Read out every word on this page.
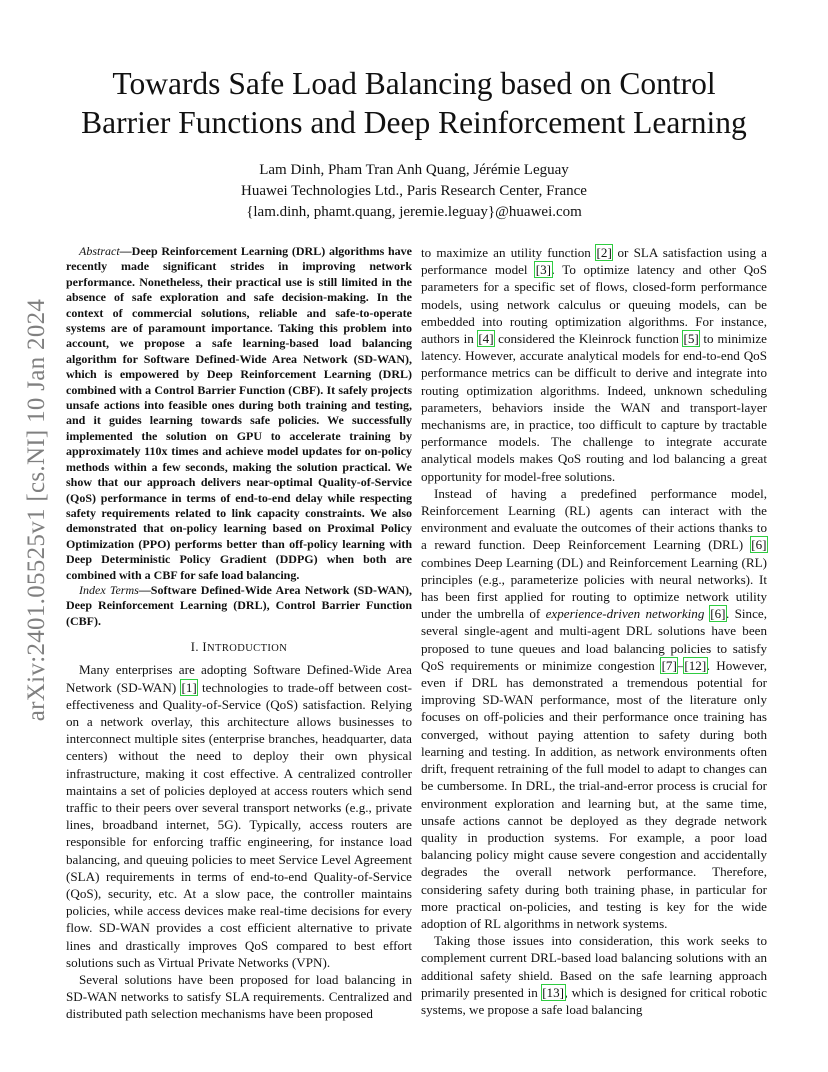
arXiv:2401.05525v1 [cs.NI] 10 Jan 2024
Towards Safe Load Balancing based on Control
Barrier Functions and Deep Reinforcement Learning
Lam Dinh, Pham Tran Anh Quang, Jérémie Leguay
Huawei Technologies Ltd., Paris Research Center, France
{lam.dinh, phamt.quang, jeremie.leguay}@huawei.com

Abstract—Deep Reinforcement Learning (DRL) algorithms have recently made significant strides in improving network performance. Nonetheless, their practical use is still limited in the absence of safe exploration and safe decision-making. In the context of commercial solutions, reliable and safe-to-operate systems are of paramount importance. Taking this problem into account, we propose a safe learning-based load balancing algorithm for Software Defined-Wide Area Network (SD-WAN), which is empowered by Deep Reinforcement Learning (DRL) combined with a Control Barrier Function (CBF). It safely projects unsafe actions into feasible ones during both training and testing, and it guides learning towards safe policies. We successfully implemented the solution on GPU to accelerate training by approximately 110x times and achieve model updates for on-policy methods within a few seconds, making the solution practical. We show that our approach delivers near-optimal Quality-of-Service (QoS) performance in terms of end-to-end delay while respecting safety requirements related to link capacity constraints. We also demonstrated that on-policy learning based on Proximal Policy Optimization (PPO) performs better than off-policy learning with Deep Deterministic Policy Gradient (DDPG) when both are combined with a CBF for safe load balancing.

Index Terms—Software Defined-Wide Area Network (SD-WAN), Deep Reinforcement Learning (DRL), Control Barrier Function (CBF).

I. INTRODUCTION

Many enterprises are adopting Software Defined-Wide Area Network (SD-WAN) [1] technologies to trade-off between cost-effectiveness and Quality-of-Service (QoS) satisfaction. Relying on a network overlay, this architecture allows businesses to interconnect multiple sites (enterprise branches, headquarter, data centers) without the need to deploy their own physical infrastructure, making it cost effective. A centralized controller maintains a set of policies deployed at access routers which send traffic to their peers over several transport networks (e.g., private lines, broadband internet, 5G). Typically, access routers are responsible for enforcing traffic engineering, for instance load balancing, and queuing policies to meet Service Level Agreement (SLA) requirements in terms of end-to-end Quality-of-Service (QoS), security, etc. At a slow pace, the controller maintains policies, while access devices make real-time decisions for every flow. SD-WAN provides a cost efficient alternative to private lines and drastically improves QoS compared to best effort solutions such as Virtual Private Networks (VPN).

Several solutions have been proposed for load balancing in SD-WAN networks to satisfy SLA requirements. Centralized and distributed path selection mechanisms have been proposed

to maximize an utility function [2] or SLA satisfaction using a performance model [3]. To optimize latency and other QoS parameters for a specific set of flows, closed-form performance models, using network calculus or queuing models, can be embedded into routing optimization algorithms. For instance, authors in [4] considered the Kleinrock function [5] to minimize latency. However, accurate analytical models for end-to-end QoS performance metrics can be difficult to derive and integrate into routing optimization algorithms. Indeed, unknown scheduling parameters, behaviors inside the WAN and transport-layer mechanisms are, in practice, too difficult to capture by tractable performance models. The challenge to integrate accurate analytical models makes QoS routing and lod balancing a great opportunity for model-free solutions.

Instead of having a predefined performance model, Reinforcement Learning (RL) agents can interact with the environment and evaluate the outcomes of their actions thanks to a reward function. Deep Reinforcement Learning (DRL) [6] combines Deep Learning (DL) and Reinforcement Learning (RL) principles (e.g., parameterize policies with neural networks). It has been first applied for routing to optimize network utility under the umbrella of experience-driven networking [6]. Since, several single-agent and multi-agent DRL solutions have been proposed to tune queues and load balancing policies to satisfy QoS requirements or minimize congestion [7]–[12]. However, even if DRL has demonstrated a tremendous potential for improving SD-WAN performance, most of the literature only focuses on off-policies and their performance once training has converged, without paying attention to safety during both learning and testing. In addition, as network environments often drift, frequent retraining of the full model to adapt to changes can be cumbersome. In DRL, the trial-and-error process is crucial for environment exploration and learning but, at the same time, unsafe actions cannot be deployed as they degrade network quality in production systems. For example, a poor load balancing policy might cause severe congestion and accidentally degrades the overall network performance. Therefore, considering safety during both training phase, in particular for more practical on-policies, and testing is key for the wide adoption of RL algorithms in network systems.

Taking those issues into consideration, this work seeks to complement current DRL-based load balancing solutions with an additional safety shield. Based on the safe learning approach primarily presented in [13], which is designed for critical robotic systems, we propose a safe load balancing
